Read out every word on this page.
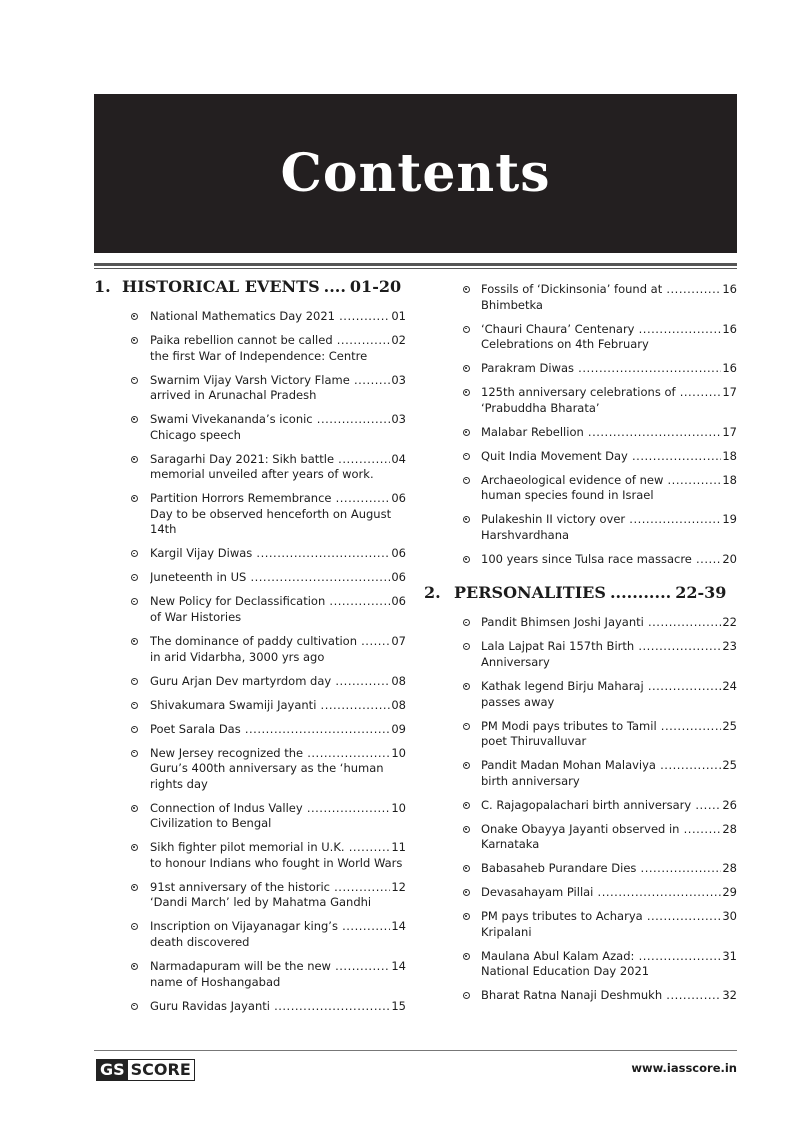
Contents
1. HISTORICAL EVENTS .... 01-20
National Mathematics Day 2021 .....	01
Paika rebellion cannot be called .....	02
the first War of Independence: Centre
Swarnim Vijay Varsh Victory Flame .....	03
arrived in Arunachal Pradesh
Swami Vivekananda’s iconic .....	03
Chicago speech
Saragarhi Day 2021: Sikh battle .....	04
memorial unveiled after years of work.
Partition Horrors Remembrance .....	06
Day to be observed henceforth on August 14th
Kargil Vijay Diwas .....	06
Juneteenth in US .....	06
New Policy for Declassification .....	06
of War Histories
The dominance of paddy cultivation .....	07
in arid Vidarbha, 3000 yrs ago
Guru Arjan Dev martyrdom day .....	08
Shivakumara Swamiji Jayanti .....	08
Poet Sarala Das .....	09
New Jersey recognized the .....	10
Guru’s 400th anniversary as the ‘human rights day
Connection of Indus Valley .....	10
Civilization to Bengal
Sikh fighter pilot memorial in U.K. .....	11
to honour Indians who fought in World Wars
91st anniversary of the historic .....	12
‘Dandi March’ led by Mahatma Gandhi
Inscription on Vijayanagar king’s .....	14
death discovered
Narmadapuram will be the new .....	14
name of Hoshangabad
Guru Ravidas Jayanti .....	15
Fossils of ‘Dickinsonia’ found at .....	16
Bhimbetka
‘Chauri Chaura’ Centenary .....	16
Celebrations on 4th February
Parakram Diwas .....	16
125th anniversary celebrations of .....	17
‘Prabuddha Bharata’
Malabar Rebellion .....	17
Quit India Movement Day .....	18
Archaeological evidence of new .....	18
human species found in Israel
Pulakeshin II victory over .....	19
Harshvardhana
100 years since Tulsa race massacre .....	20
2. PERSONALITIES ........... 22-39
Pandit Bhimsen Joshi Jayanti .....	22
Lala Lajpat Rai 157th Birth .....	23
Anniversary
Kathak legend Birju Maharaj .....	24
passes away
PM Modi pays tributes to Tamil .....	25
poet Thiruvalluvar
Pandit Madan Mohan Malaviya .....	25
birth anniversary
C. Rajagopalachari birth anniversary .....	26
Onake Obayya Jayanti observed in .....	28
Karnataka
Babasaheb Purandare Dies .....	28
Devasahayam Pillai .....	29
PM pays tributes to Acharya .....	30
Kripalani
Maulana Abul Kalam Azad: .....	31
National Education Day 2021
Bharat Ratna Nanaji Deshmukh .....	32
GS SCORE	www.iasscore.in
